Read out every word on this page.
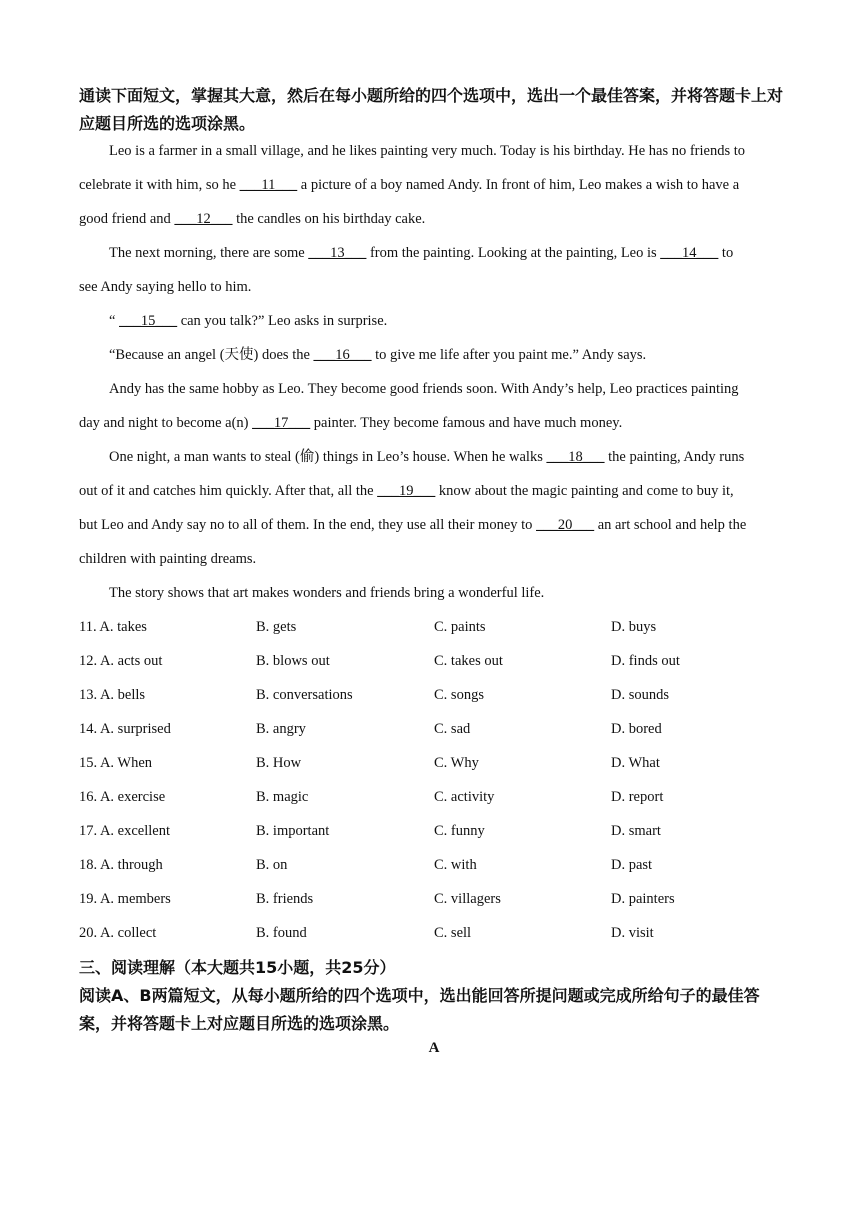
通读下面短文，掌握其大意，然后在每小题所给的四个选项中，选出一个最佳答案，并将答题卡上对应题目所选的选项涂黑。
Leo is a farmer in a small village, and he likes painting very much. Today is his birthday. He has no friends to
celebrate it with him, so he ___11___ a picture of a boy named Andy. In front of him, Leo makes a wish to have a
good friend and ___12___ the candles on his birthday cake.
The next morning, there are some ___13___ from the painting. Looking at the painting, Leo is ___14___ to
see Andy saying hello to him.
“ ___15___ can you talk?” Leo asks in surprise.
“Because an angel (天使) does the ___16___ to give me life after you paint me.” Andy says.
Andy has the same hobby as Leo. They become good friends soon. With Andy’s help, Leo practices painting
day and night to become a(n) ___17___ painter. They become famous and have much money.
One night, a man wants to steal (偷) things in Leo’s house. When he walks ___18___ the painting, Andy runs
out of it and catches him quickly. After that, all the ___19___ know about the magic painting and come to buy it,
but Leo and Andy say no to all of them. In the end, they use all their money to ___20___ an art school and help the
children with painting dreams.
The story shows that art makes wonders and friends bring a wonderful life.
11. A. takes	B. gets	C. paints	D. buys
12. A. acts out	B. blows out	C. takes out	D. finds out
13. A. bells	B. conversations	C. songs	D. sounds
14. A. surprised	B. angry	C. sad	D. bored
15. A. When	B. How	C. Why	D. What
16. A. exercise	B. magic	C. activity	D. report
17. A. excellent	B. important	C. funny	D. smart
18. A. through	B. on	C. with	D. past
19. A. members	B. friends	C. villagers	D. painters
20. A. collect	B. found	C. sell	D. visit
三、阅读理解（本大题共15小题，共25分）
阅读A、B两篇短文，从每小题所给的四个选项中，选出能回答所提问题或完成所给句子的最佳答案，并将答题卡上对应题目所选的选项涂黑。
A
